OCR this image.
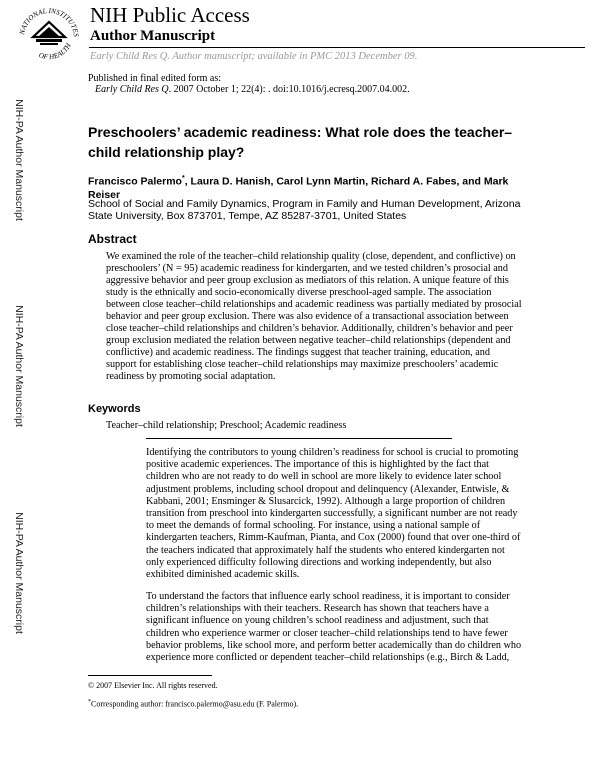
NATIONAL INSTITUTES
OF HEALTH
NIH Public Access
Author Manuscript
Early Child Res Q. Author manuscript; available in PMC 2013 December 09.
Published in final edited form as:
Early Child Res Q. 2007 October 1; 22(4): . doi:10.1016/j.ecresq.2007.04.002.
NIH-PA Author Manuscript
NIH-PA Author Manuscript
NIH-PA Author Manuscript
Preschoolers’ academic readiness: What role does the teacher–child relationship play?
Francisco Palermo*, Laura D. Hanish, Carol Lynn Martin, Richard A. Fabes, and Mark Reiser
School of Social and Family Dynamics, Program in Family and Human Development, Arizona State University, Box 873701, Tempe, AZ 85287-3701, United States
Abstract
We examined the role of the teacher–child relationship quality (close, dependent, and conflictive) on preschoolers’ (N = 95) academic readiness for kindergarten, and we tested children’s prosocial and aggressive behavior and peer group exclusion as mediators of this relation. A unique feature of this study is the ethnically and socio-economically diverse preschool-aged sample. The association between close teacher–child relationships and academic readiness was partially mediated by prosocial behavior and peer group exclusion. There was also evidence of a transactional association between close teacher–child relationships and children’s behavior. Additionally, children’s behavior and peer group exclusion mediated the relation between negative teacher–child relationships (dependent and conflictive) and academic readiness. The findings suggest that teacher training, education, and support for establishing close teacher–child relationships may maximize preschoolers’ academic readiness by promoting social adaptation.
Keywords
Teacher–child relationship; Preschool; Academic readiness
Identifying the contributors to young children’s readiness for school is crucial to promoting positive academic experiences. The importance of this is highlighted by the fact that children who are not ready to do well in school are more likely to evidence later school adjustment problems, including school dropout and delinquency (Alexander, Entwisle, & Kabbani, 2001; Ensminger & Slusarcick, 1992). Although a large proportion of children transition from preschool into kindergarten successfully, a significant number are not ready to meet the demands of formal schooling. For instance, using a national sample of kindergarten teachers, Rimm-Kaufman, Pianta, and Cox (2000) found that over one-third of the teachers indicated that approximately half the students who entered kindergarten not only experienced difficulty following directions and working independently, but also exhibited diminished academic skills.
To understand the factors that influence early school readiness, it is important to consider children’s relationships with their teachers. Research has shown that teachers have a significant influence on young children’s school readiness and adjustment, such that children who experience warmer or closer teacher–child relationships tend to have fewer behavior problems, like school more, and perform better academically than do children who experience more conflicted or dependent teacher–child relationships (e.g., Birch & Ladd,
© 2007 Elsevier Inc. All rights reserved.
*Corresponding author: francisco.palermo@asu.edu (F. Palermo).
